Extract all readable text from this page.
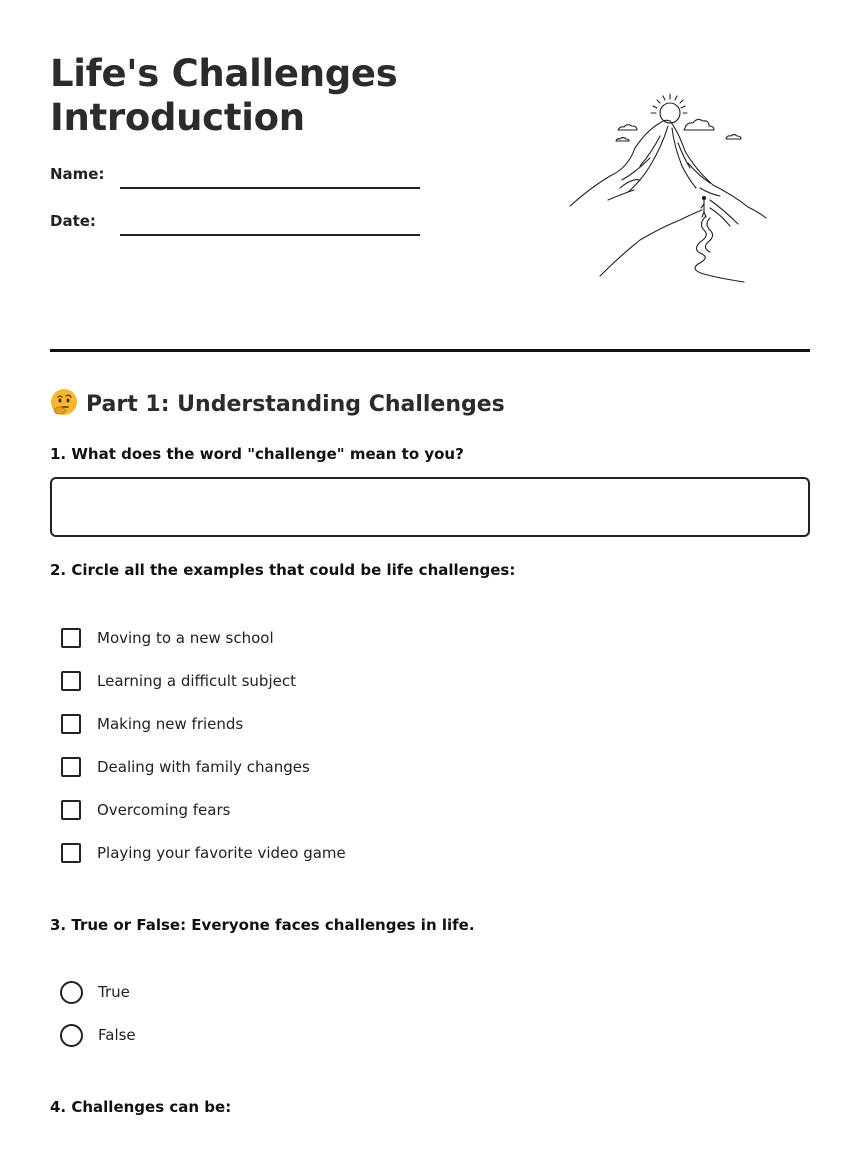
Life's Challenges
Introduction
Name:
Date:
Part 1: Understanding Challenges
1. What does the word "challenge" mean to you?
2. Circle all the examples that could be life challenges:
Moving to a new school
Learning a difficult subject
Making new friends
Dealing with family changes
Overcoming fears
Playing your favorite video game
3. True or False: Everyone faces challenges in life.
True
False
4. Challenges can be:
